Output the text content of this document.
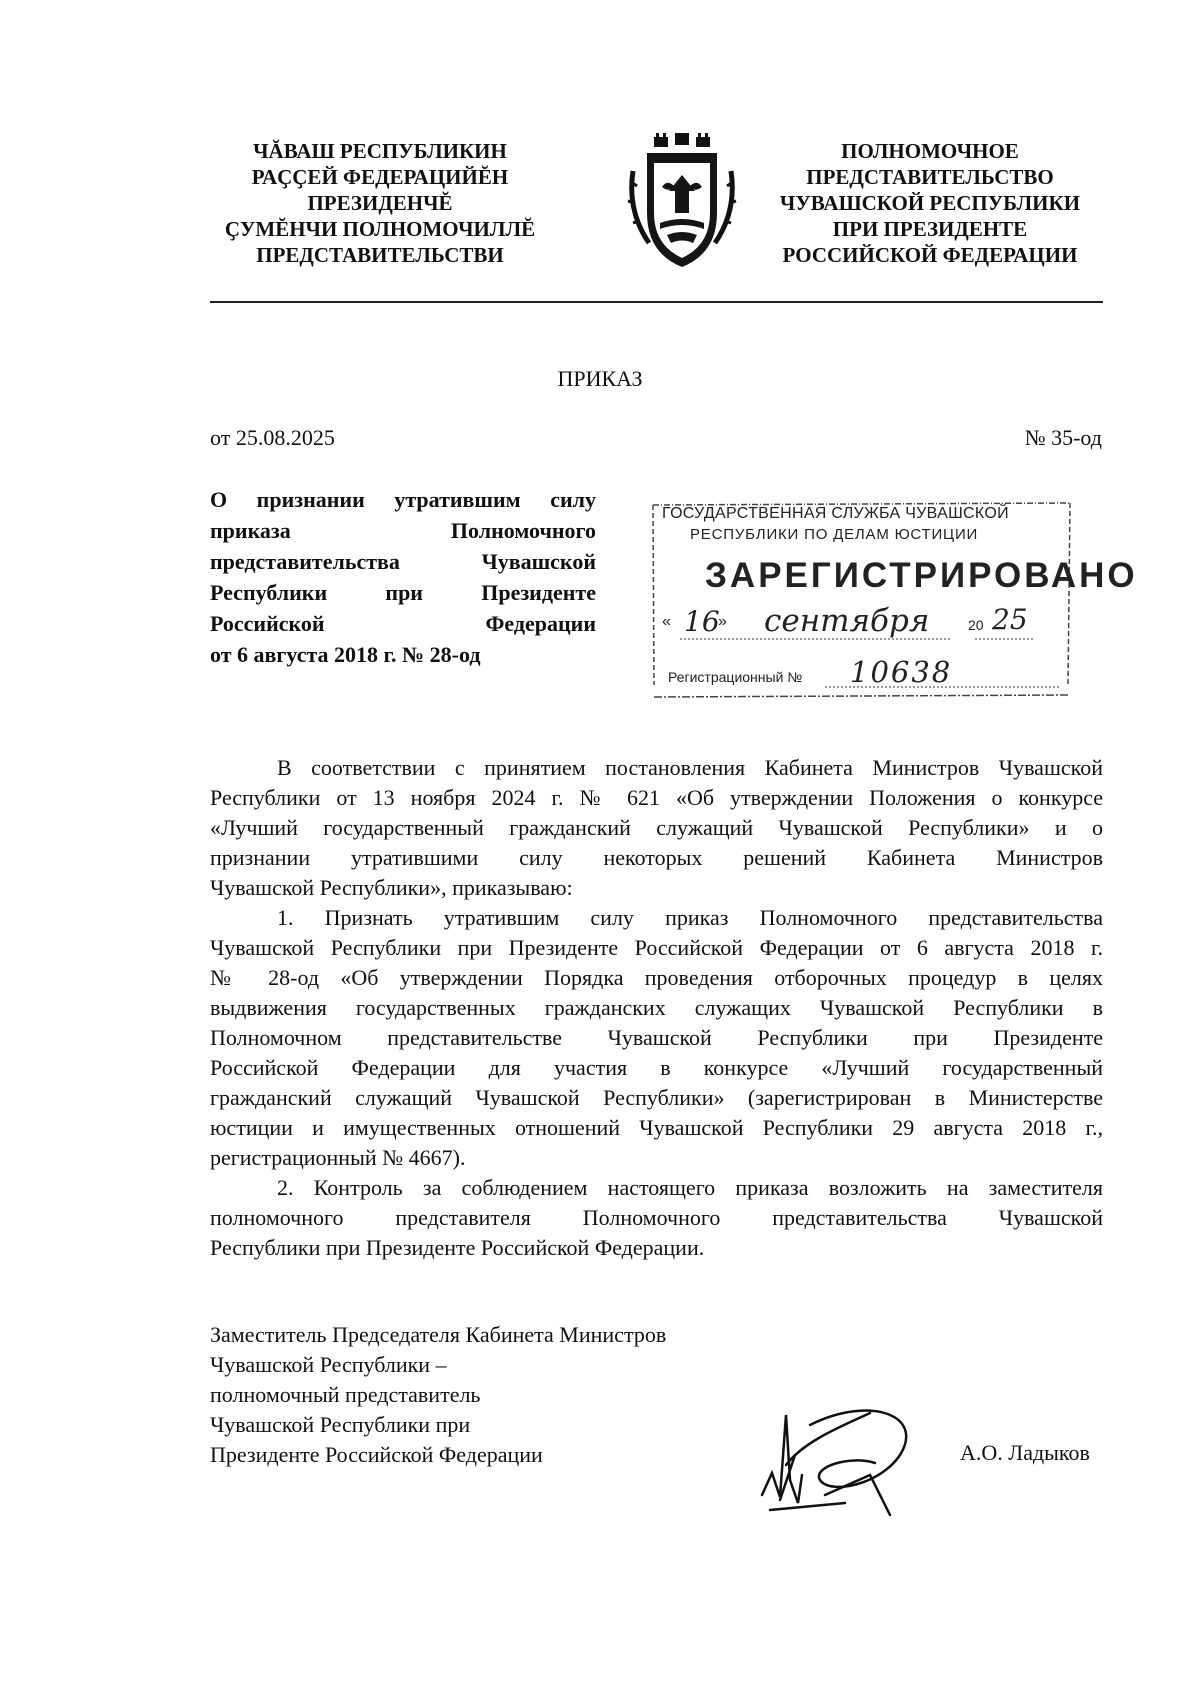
ЧĂВАШ РЕСПУБЛИКИН
РАҪҪЕЙ ФЕДЕРАЦИЙĔН
ПРЕЗИДЕНЧĔ
ҪУМĔНЧИ ПОЛНОМОЧИЛЛĔ
ПРЕДСТАВИТЕЛЬСТВИ
ПОЛНОМОЧНОЕ
ПРЕДСТАВИТЕЛЬСТВО
ЧУВАШСКОЙ РЕСПУБЛИКИ
ПРИ ПРЕЗИДЕНТЕ
РОССИЙСКОЙ ФЕДЕРАЦИИ
ПРИКАЗ
от 25.08.2025	№ 35-од
О признании утратившим силу
приказа Полномочного
представительства Чувашской
Республики при Президенте
Российской Федерации
от 6 августа 2018 г. № 28-од
ГОСУДАРСТВЕННАЯ СЛУЖБА ЧУВАШСКОЙ
РЕСПУБЛИКИ ПО ДЕЛАМ ЮСТИЦИИ
ЗАРЕГИСТРИРОВАНО
« 16
» сентября	20 25
Регистрационный № 10638
В соответствии с принятием постановления Кабинета Министров Чувашской
Республики от 13 ноября 2024 г. № 621 «Об утверждении Положения о конкурсе
«Лучший государственный гражданский служащий Чувашской Республики» и о
признании утратившими силу некоторых решений Кабинета Министров
Чувашской Республики», приказываю:
1. Признать утратившим силу приказ Полномочного представительства
Чувашской Республики при Президенте Российской Федерации от 6 августа 2018 г.
№ 28-од «Об утверждении Порядка проведения отборочных процедур в целях
выдвижения государственных гражданских служащих Чувашской Республики в
Полномочном представительстве Чувашской Республики при Президенте
Российской Федерации для участия в конкурсе «Лучший государственный
гражданский служащий Чувашской Республики» (зарегистрирован в Министерстве
юстиции и имущественных отношений Чувашской Республики 29 августа 2018 г.,
регистрационный № 4667).
2. Контроль за соблюдением настоящего приказа возложить на заместителя
полномочного представителя Полномочного представительства Чувашской
Республики при Президенте Российской Федерации.
Заместитель Председателя Кабинета Министров
Чувашской Республики –
полномочный представитель
Чувашской Республики при
Президенте Российской Федерации	А.О. Ладыков
